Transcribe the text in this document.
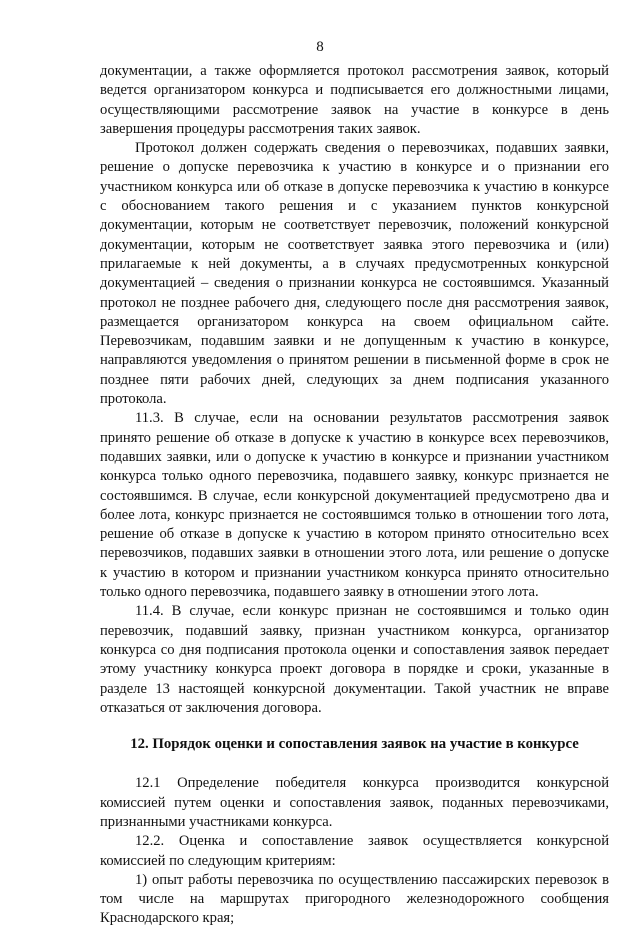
8

документации, а также оформляется протокол рассмотрения заявок, который ведется организатором конкурса и подписывается его должностными лицами, осуществляющими рассмотрение заявок на участие в конкурсе в день завершения процедуры рассмотрения таких заявок.

Протокол должен содержать сведения о перевозчиках, подавших заявки, решение о допуске перевозчика к участию в конкурсе и о признании его участником конкурса или об отказе в допуске перевозчика к участию в конкурсе с обоснованием такого решения и с указанием пунктов конкурсной документации, которым не соответствует перевозчик, положений конкурсной документации, которым не соответствует заявка этого перевозчика и (или) прилагаемые к ней документы, а в случаях предусмотренных конкурсной документацией – сведения о признании конкурса не состоявшимся. Указанный протокол не позднее рабочего дня, следующего после дня рассмотрения заявок, размещается организатором конкурса на своем официальном сайте. Перевозчикам, подавшим заявки и не допущенным к участию в конкурсе, направляются уведомления о принятом решении в письменной форме в срок не позднее пяти рабочих дней, следующих за днем подписания указанного протокола.

11.3. В случае, если на основании результатов рассмотрения заявок принято решение об отказе в допуске к участию в конкурсе всех перевозчиков, подавших заявки, или о допуске к участию в конкурсе и признании участником конкурса только одного перевозчика, подавшего заявку, конкурс признается не состоявшимся. В случае, если конкурсной документацией предусмотрено два и более лота, конкурс признается не состоявшимся только в отношении того лота, решение об отказе в допуске к участию в котором принято относительно всех перевозчиков, подавших заявки в отношении этого лота, или решение о допуске к участию в котором и признании участником конкурса принято относительно только одного перевозчика, подавшего заявку в отношении этого лота.

11.4. В случае, если конкурс признан не состоявшимся и только один перевозчик, подавший заявку, признан участником конкурса, организатор конкурса со дня подписания протокола оценки и сопоставления заявок передает этому участнику конкурса проект договора в порядке и сроки, указанные в разделе 13 настоящей конкурсной документации. Такой участник не вправе отказаться от заключения договора.

12. Порядок оценки и сопоставления заявок на участие в конкурсе

12.1 Определение победителя конкурса производится конкурсной комиссией путем оценки и сопоставления заявок, поданных перевозчиками, признанными участниками конкурса.

12.2. Оценка и сопоставление заявок осуществляется конкурсной комиссией по следующим критериям:

1) опыт работы перевозчика по осуществлению пассажирских перевозок в том числе на маршрутах пригородного железнодорожного сообщения Краснодарского края;
